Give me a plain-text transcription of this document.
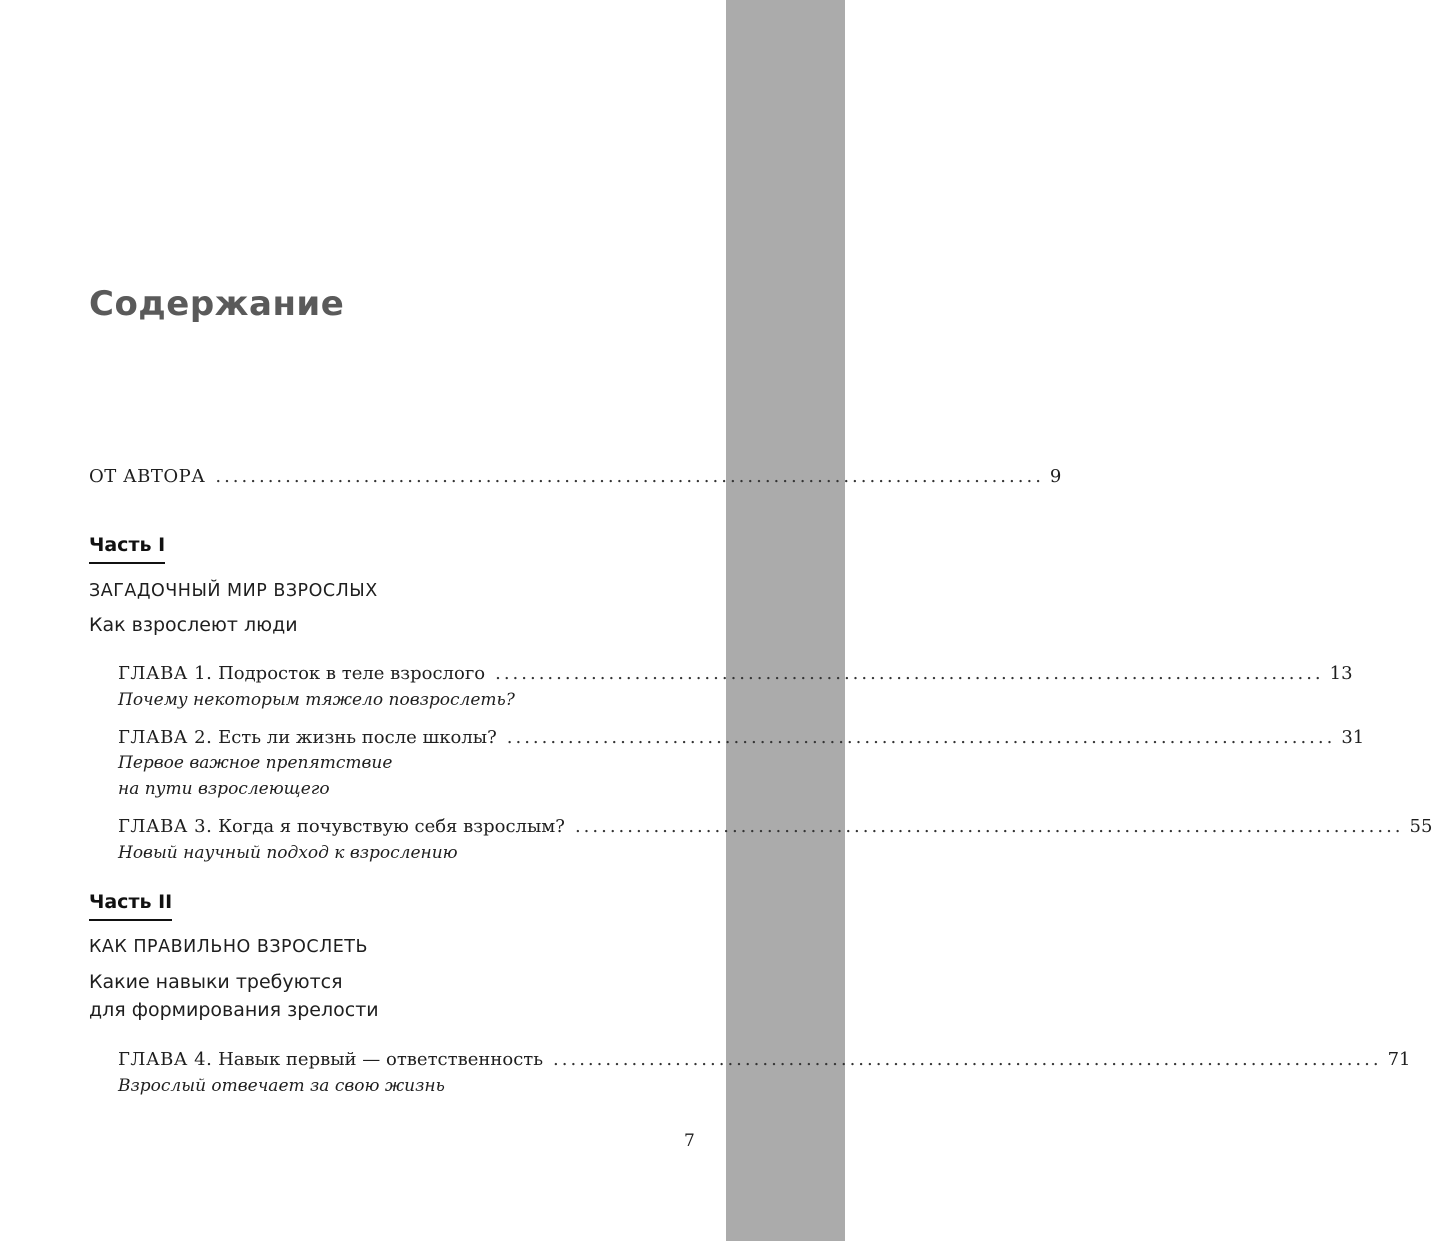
Содержание
ОТ АВТОРА ............................................................................................... 9
Часть I
ЗАГАДОЧНЫЙ МИР ВЗРОСЛЫХ
Как взрослеют люди
ГЛАВА 1. Подросток в теле взрослого ............................................................................................... 13
Почему некоторым тяжело повзрослеть?
ГЛАВА 2. Есть ли жизнь после школы? ............................................................................................... 31
Первое важное препятствие
на пути взрослеющего
ГЛАВА 3. Когда я почувствую себя взрослым? ............................................................................................... 55
Новый научный подход к взрослению
Часть II
КАК ПРАВИЛЬНО ВЗРОСЛЕТЬ
Какие навыки требуются
для формирования зрелости
ГЛАВА 4. Навык первый — ответственность ............................................................................................... 71
Взрослый отвечает за свою жизнь
7
